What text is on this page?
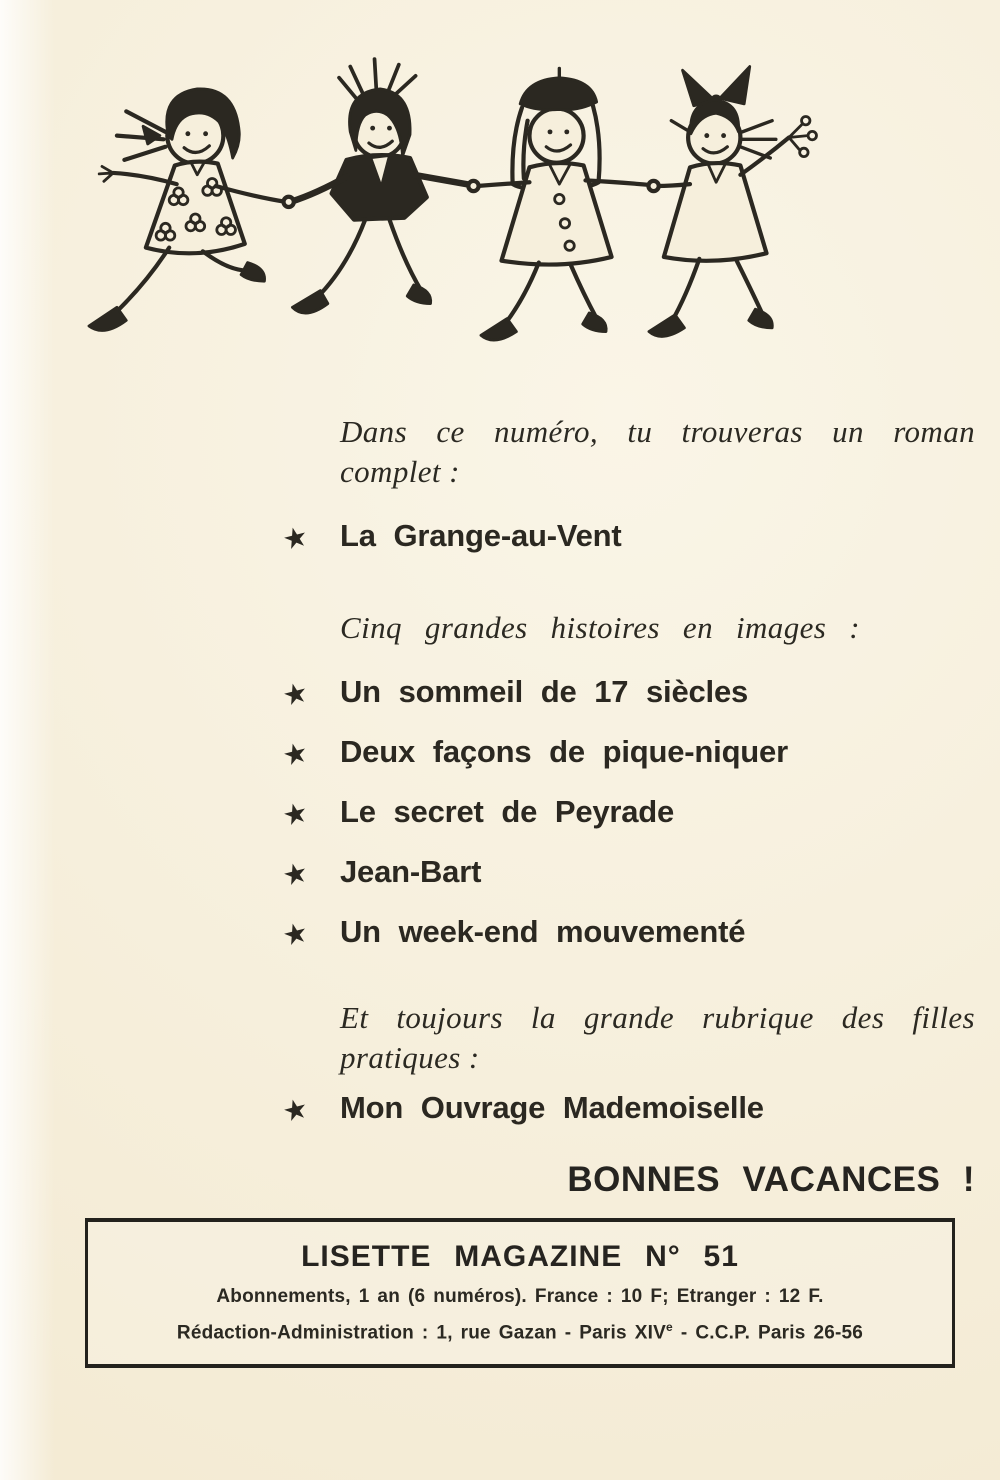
Dans ce numéro, tu trouveras un roman
complet :
★ La Grange-au-Vent
Cinq grandes histoires en images :
★ Un sommeil de 17 siècles
★ Deux façons de pique-niquer
★ Le secret de Peyrade
★ Jean-Bart
★ Un week-end mouvementé
Et toujours la grande rubrique des filles
pratiques :
★ Mon Ouvrage Mademoiselle
BONNES VACANCES !
LISETTE MAGAZINE N° 51
Abonnements, 1 an (6 numéros). France : 10 F; Etranger : 12 F.
Rédaction-Administration : 1, rue Gazan - Paris XIVe - C.C.P. Paris 26-56
